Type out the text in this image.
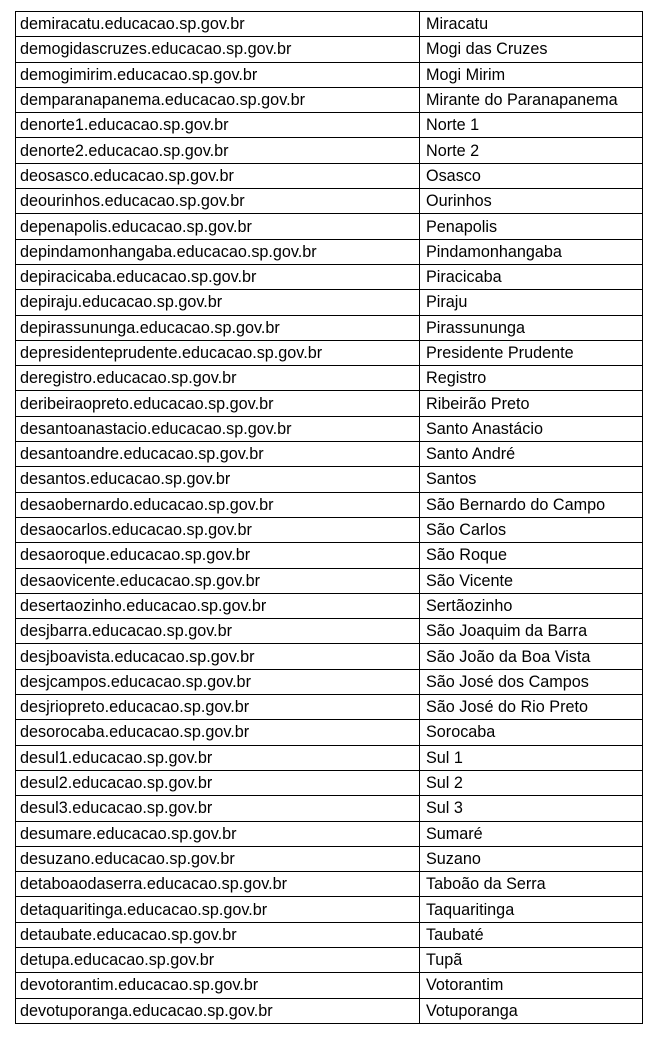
demiracatu.educacao.sp.gov.br	Miracatu
demogidascruzes.educacao.sp.gov.br	Mogi das Cruzes
demogimirim.educacao.sp.gov.br	Mogi Mirim
demparanapanema.educacao.sp.gov.br	Mirante do Paranapanema
denorte1.educacao.sp.gov.br	Norte 1
denorte2.educacao.sp.gov.br	Norte 2
deosasco.educacao.sp.gov.br	Osasco
deourinhos.educacao.sp.gov.br	Ourinhos
depenapolis.educacao.sp.gov.br	Penapolis
depindamonhangaba.educacao.sp.gov.br	Pindamonhangaba
depiracicaba.educacao.sp.gov.br	Piracicaba
depiraju.educacao.sp.gov.br	Piraju
depirassununga.educacao.sp.gov.br	Pirassununga
depresidenteprudente.educacao.sp.gov.br	Presidente Prudente
deregistro.educacao.sp.gov.br	Registro
deribeiraopreto.educacao.sp.gov.br	Ribeirão Preto
desantoanastacio.educacao.sp.gov.br	Santo Anastácio
desantoandre.educacao.sp.gov.br	Santo André
desantos.educacao.sp.gov.br	Santos
desaobernardo.educacao.sp.gov.br	São Bernardo do Campo
desaocarlos.educacao.sp.gov.br	São Carlos
desaoroque.educacao.sp.gov.br	São Roque
desaovicente.educacao.sp.gov.br	São Vicente
desertaozinho.educacao.sp.gov.br	Sertãozinho
desjbarra.educacao.sp.gov.br	São Joaquim da Barra
desjboavista.educacao.sp.gov.br	São João da Boa Vista
desjcampos.educacao.sp.gov.br	São José dos Campos
desjriopreto.educacao.sp.gov.br	São José do Rio Preto
desorocaba.educacao.sp.gov.br	Sorocaba
desul1.educacao.sp.gov.br	Sul 1
desul2.educacao.sp.gov.br	Sul 2
desul3.educacao.sp.gov.br	Sul 3
desumare.educacao.sp.gov.br	Sumaré
desuzano.educacao.sp.gov.br	Suzano
detaboaodaserra.educacao.sp.gov.br	Taboão da Serra
detaquaritinga.educacao.sp.gov.br	Taquaritinga
detaubate.educacao.sp.gov.br	Taubaté
detupa.educacao.sp.gov.br	Tupã
devotorantim.educacao.sp.gov.br	Votorantim
devotuporanga.educacao.sp.gov.br	Votuporanga
